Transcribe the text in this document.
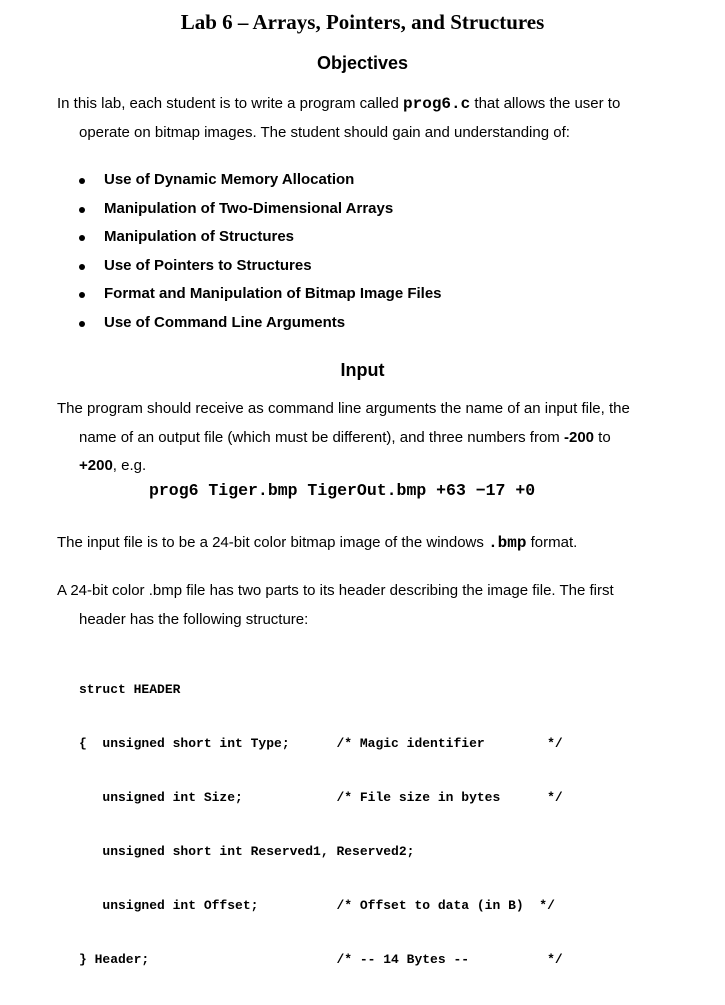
Lab 6 – Arrays, Pointers, and Structures
Objectives
In this lab, each student is to write a program called prog6.c that allows the user to
operate on bitmap images. The student should gain and understanding of:
Use of Dynamic Memory Allocation
Manipulation of Two-Dimensional Arrays
Manipulation of Structures
Use of Pointers to Structures
Format and Manipulation of Bitmap Image Files
Use of Command Line Arguments
Input
The program should receive as command line arguments the name of an input file, the
name of an output file (which must be different), and three numbers from -200 to
+200, e.g.
prog6 Tiger.bmp TigerOut.bmp +63 −17 +0
The input file is to be a 24-bit color bitmap image of the windows .bmp format.
A 24-bit color .bmp file has two parts to its header describing the image file. The first
header has the following structure:

struct HEADER

{  unsigned short int Type;      /* Magic identifier        */

unsigned int Size;            /* File size in bytes      */

unsigned short int Reserved1, Reserved2;

unsigned int Offset;          /* Offset to data (in B)  */

} Header;                        /* -- 14 Bytes --          */
